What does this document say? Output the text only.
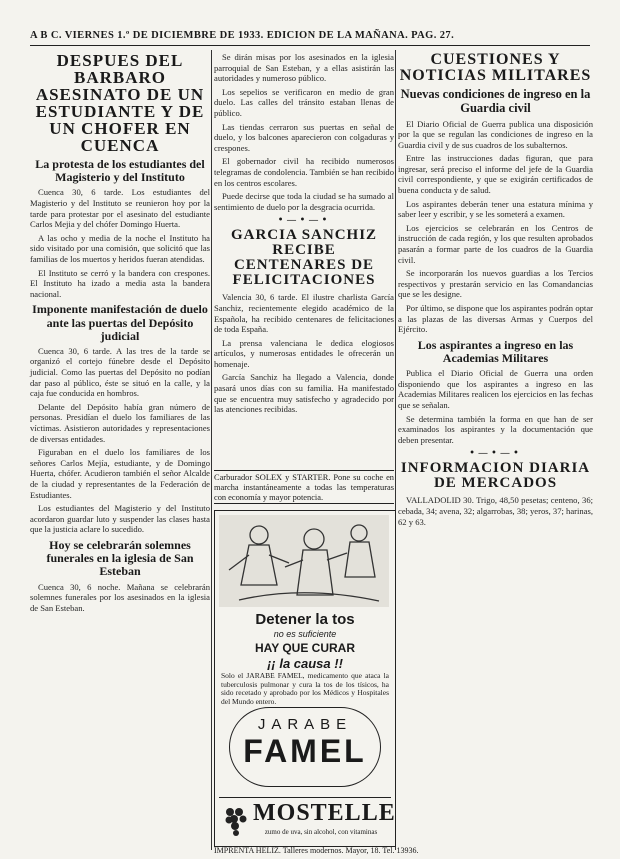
A B C. VIERNES 1.º DE DICIEMBRE DE 1933. EDICION DE LA MAÑANA. PAG. 27.
DESPUES DEL BARBARO ASESINATO DE UN ESTUDIANTE Y DE UN CHOFER EN CUENCA
La protesta de los estudiantes del Magisterio y del Instituto

Cuenca 30, 6 tarde. Los estudiantes del Magisterio y del Instituto se reunieron hoy por la tarde para protestar por el asesinato del estudiante Carlos Mejia y del chófer Domingo Huerta.

A las ocho y media de la noche el Instituto ha sido visitado por una comisión, que solicitó que las familias de los muertos y heridos fueran atendidas.

El Instituto se cerró y la bandera con crespones. El Instituto ha izado a media asta la bandera nacional.

Imponente manifestación de duelo ante las puertas del Depósito judicial

Cuenca 30, 6 tarde. A las tres de la tarde se organizó el cortejo fúnebre desde el Depósito judicial. Como las puertas del Depósito no podían dar paso al público, éste se situó en la calle, y la caja fue conducida en hombros.

Delante del Depósito había gran número de personas. Presidían el duelo los familiares de las víctimas. Asistieron autoridades y representaciones de diversas entidades.

Figuraban en el duelo los familiares de los señores Carlos Mejía, estudiante, y de Domingo Huerta, chófer. Acudieron también el señor Alcalde de la ciudad y representantes de la Federación de Estudiantes.

Los estudiantes del Magisterio y del Instituto acordaron guardar luto y suspender las clases hasta que la justicia aclare lo sucedido.

Hoy se celebrarán solemnes funerales en la iglesia de San Esteban

Cuenca 30, 6 noche. Mañana se celebrarán solemnes funerales por los asesinados en la iglesia de San Esteban.

Se dirán misas por los asesinados en la iglesia parroquial de San Esteban, y a ellas asistirán las autoridades y numeroso público.

Los sepelios se verificaron en medio de gran duelo. Las calles del tránsito estaban llenas de público.

Las tiendas cerraron sus puertas en señal de duelo, y los balcones aparecieron con colgaduras y crespones.

El gobernador civil ha recibido numerosos telegramas de condolencia. También se han recibido en los centros escolares.

Puede decirse que toda la ciudad se ha sumado al sentimiento de duelo por la desgracia ocurrida.

•—•—•
GARCIA SANCHIZ RECIBE CENTENARES DE FELICITACIONES

Valencia 30, 6 tarde. El ilustre charlista García Sanchiz, recientemente elegido académico de la Española, ha recibido centenares de felicitaciones de toda España.

La prensa valenciana le dedica elogiosos artículos, y numerosas entidades le ofrecerán un homenaje.

García Sanchiz ha llegado a Valencia, donde pasará unos días con su familia. Ha manifestado que se encuentra muy satisfecho y agradecido por las atenciones recibidas.

Carburador SOLEX y STARTER. Pone su coche en marcha instantáneamente a todas las temperaturas con economía y mayor potencia.
Detener la tos
no es suficiente
HAY QUE CURAR
¡¡ la causa !!
Solo el JARABE FAMEL, medicamento que ataca la tuberculosis pulmonar y cura la tos de los tísicos, ha sido recetado y aprobado por los Médicos y Hospitales del Mundo entero.
JARABE
FAMEL
MOSTELLE
zumo de uva, sin alcohol, con vitaminas
IMPRENTA HELIZ. Talleres modernos. Mayor, 18. Tel. 13936.
CUESTIONES Y NOTICIAS MILITARES
Nuevas condiciones de ingreso en la Guardia civil

El Diario Oficial de Guerra publica una disposición por la que se regulan las condiciones de ingreso en la Guardia civil y de sus cuadros de los subalternos.

Entre las instrucciones dadas figuran, que para ingresar, será preciso el informe del jefe de la Guardia civil correspondiente, y que se exigirán certificados de buena conducta y de salud.

Los aspirantes deberán tener una estatura mínima y saber leer y escribir, y se les someterá a examen.

Los ejercicios se celebrarán en los Centros de instrucción de cada región, y los que resulten aprobados pasarán a formar parte de los cuadros de la Guardia civil.

Se incorporarán los nuevos guardias a los Tercios respectivos y prestarán servicio en las Comandancias que se les designe.

Por último, se dispone que los aspirantes podrán optar a las plazas de las diversas Armas y Cuerpos del Ejército.

Los aspirantes a ingreso en las Academias Militares

Publica el Diario Oficial de Guerra una orden disponiendo que los aspirantes a ingreso en las Academias Militares realicen los ejercicios en las fechas que se señalan.

Se determina también la forma en que han de ser examinados los aspirantes y la documentación que deben presentar.

•—•—•
INFORMACION DIARIA DE MERCADOS

VALLADOLID 30. Trigo, 48,50 pesetas; centeno, 36; cebada, 34; avena, 32; algarrobas, 38; yeros, 37; harinas, 62 y 63.
